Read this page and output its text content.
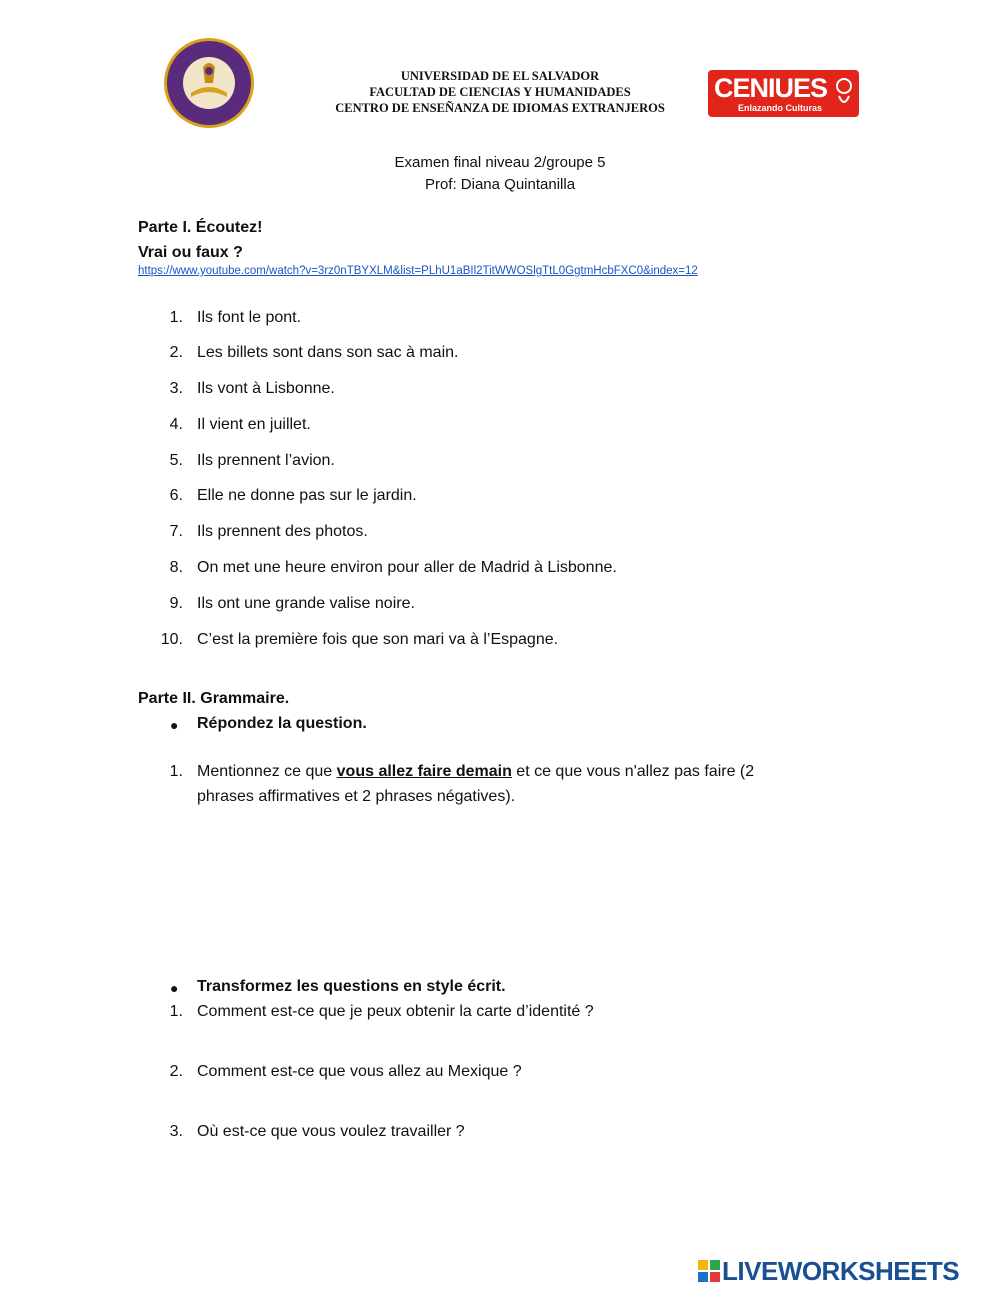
UNIVERSIDAD DE EL SALVADOR
FACULTAD DE CIENCIAS Y HUMANIDADES
CENTRO DE ENSEÑANZA DE IDIOMAS EXTRANJEROS
CENIUES
Enlazando Culturas
Examen final niveau 2/groupe 5
Prof: Diana Quintanilla
Parte I. Écoutez!
Vrai ou faux ?
https://www.youtube.com/watch?v=3rz0nTBYXLM&list=PLhU1aBIl2TitWWOSlgTtL0GgtmHcbFXC0&index=12
1. Ils font le pont.
2. Les billets sont dans son sac à main.
3. Ils vont à Lisbonne.
4. Il vient en juillet.
5. Ils prennent l’avion.
6. Elle ne donne pas sur le jardin.
7. Ils prennent des photos.
8. On met une heure environ pour aller de Madrid à Lisbonne.
9. Ils ont une grande valise noire.
10. C’est la première fois que son mari va à l’Espagne.
Parte II. Grammaire.
● Répondez la question.
1. Mentionnez ce que vous allez faire demain et ce que vous n'allez pas faire (2
phrases affirmatives et 2 phrases négatives).
● Transformez les questions en style écrit.
1. Comment est-ce que je peux obtenir la carte d’identité ?
2. Comment est-ce que vous allez au Mexique ?
3. Où est-ce que vous voulez travailler ?
LIVEWORKSHEETS
